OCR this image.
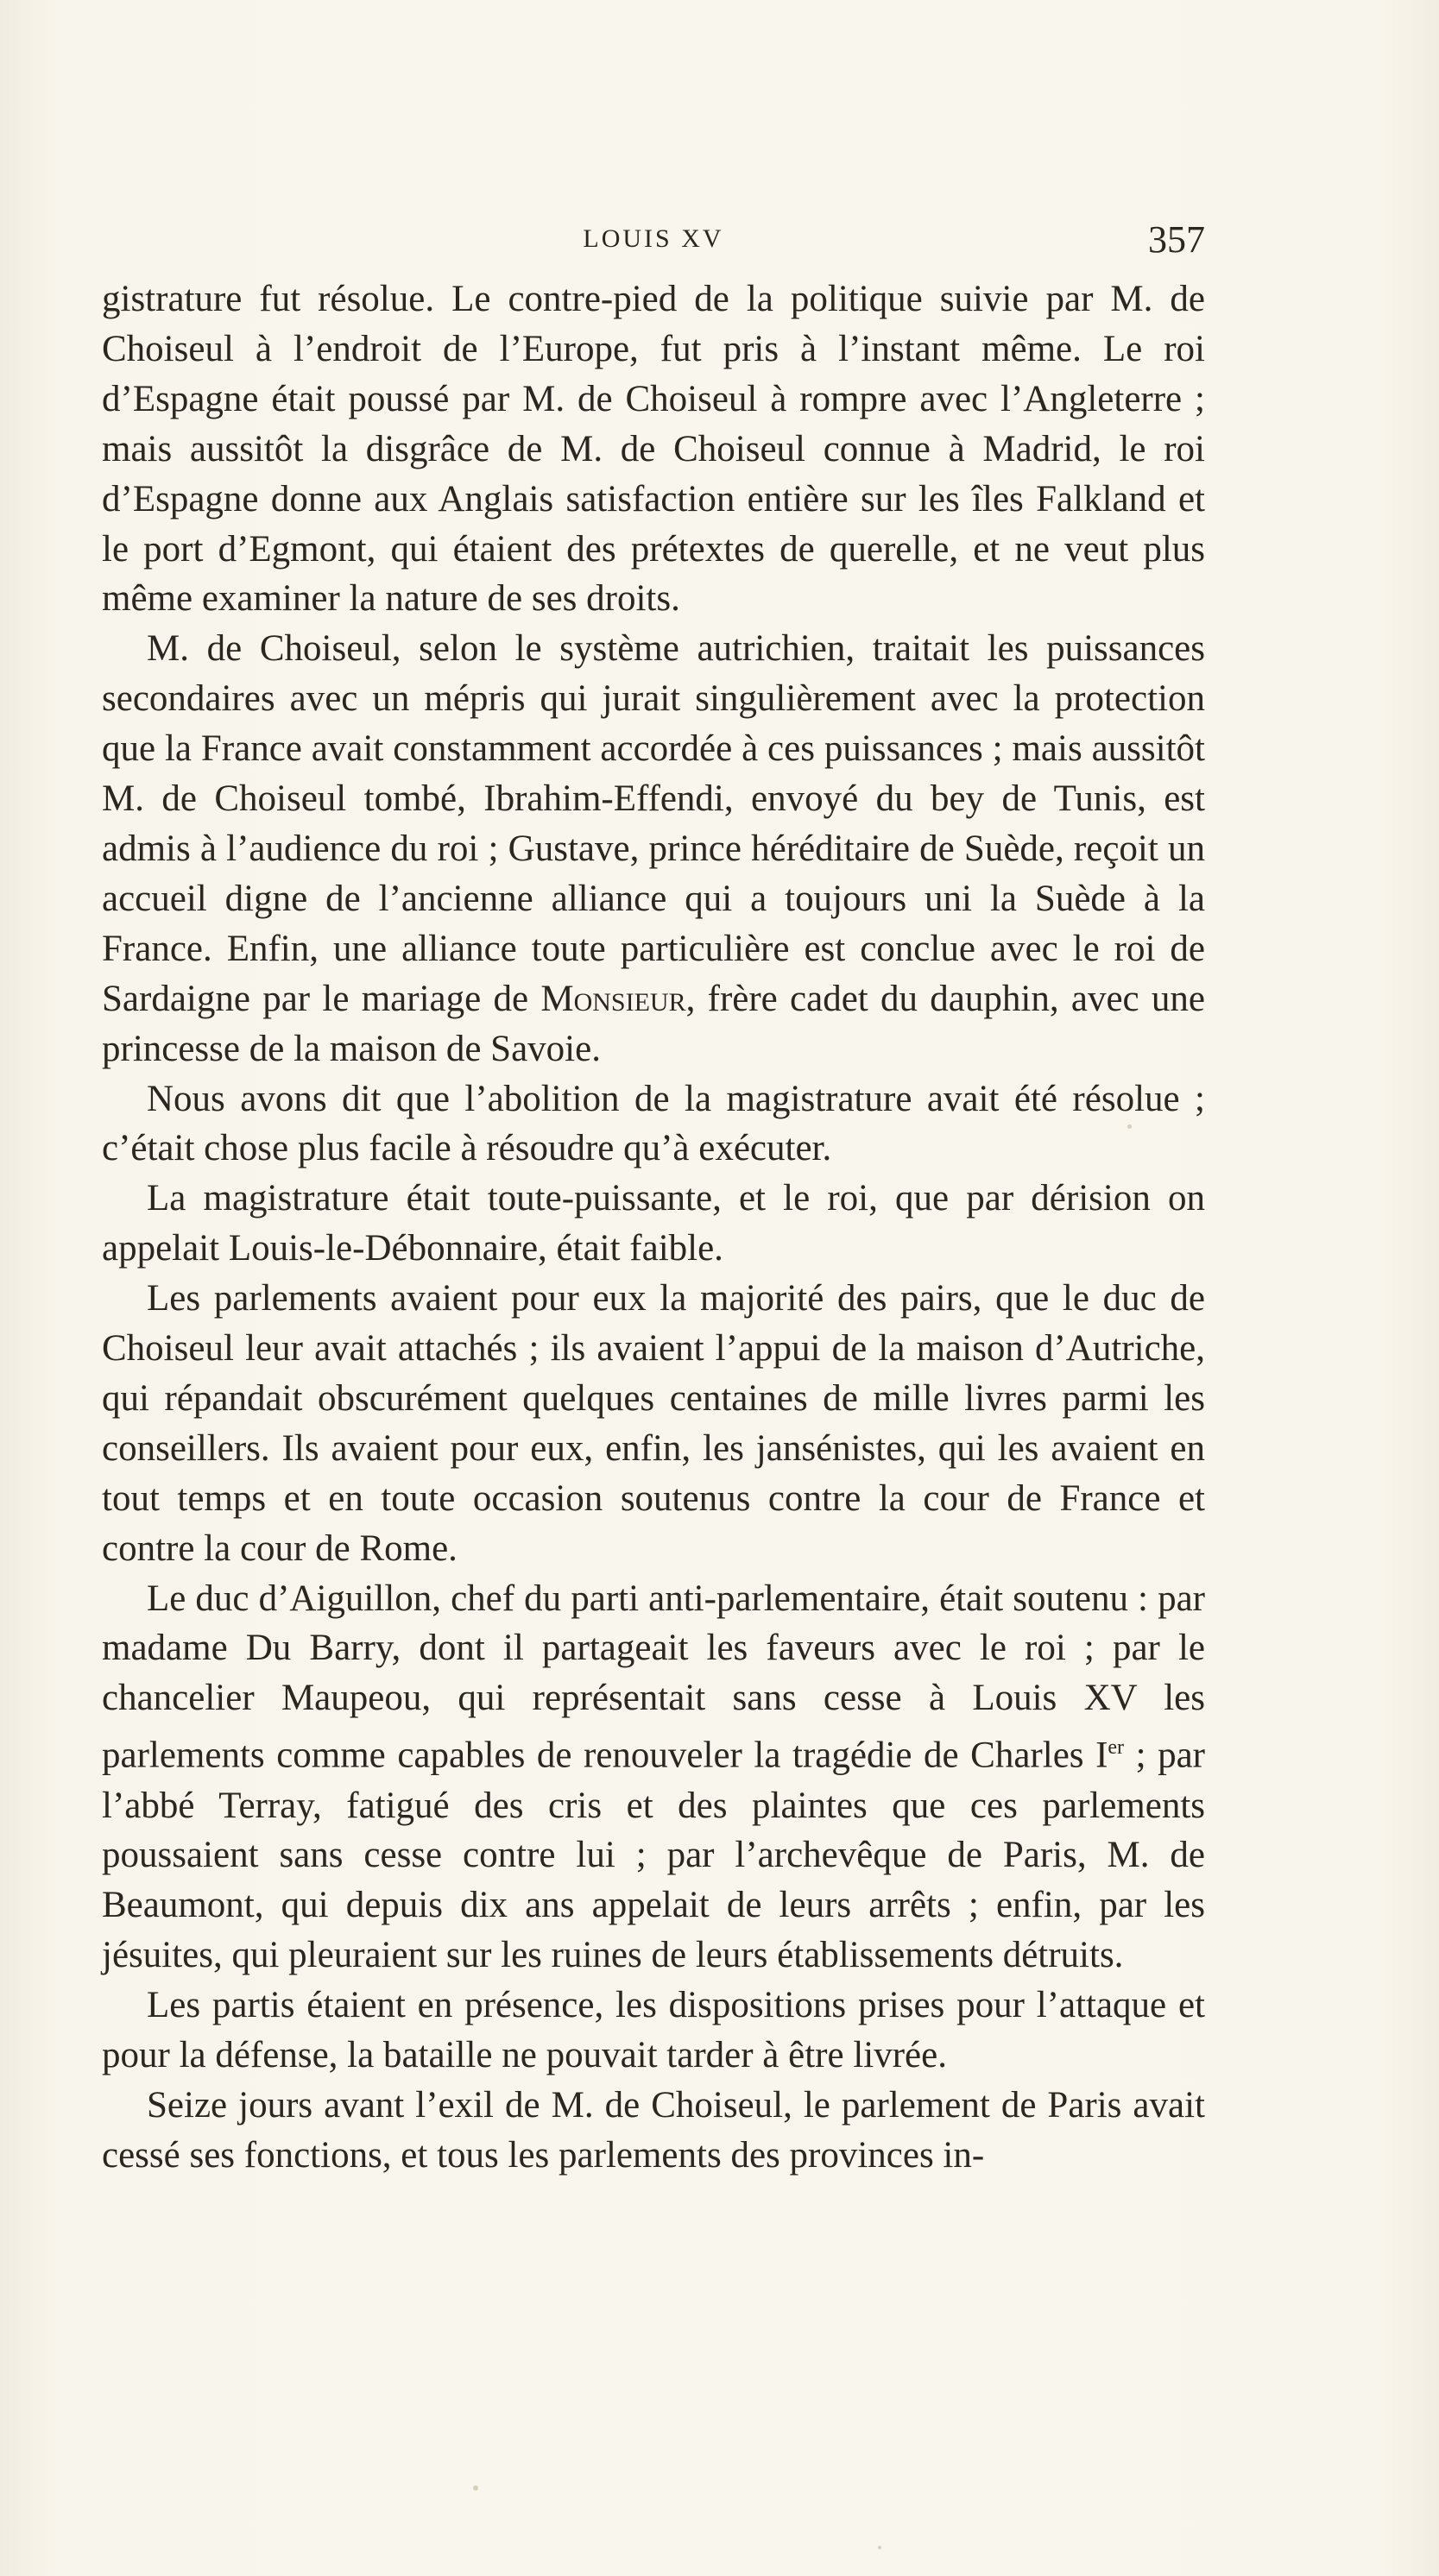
LOUIS XV	357

gistrature fut résolue. Le contre-pied de la politique suivie par M. de Choiseul à l’endroit de l’Europe, fut pris à l’instant même. Le roi d’Espagne était poussé par M. de Choiseul à rompre avec l’Angleterre ; mais aussitôt la disgrâce de M. de Choiseul connue à Madrid, le roi d’Espagne donne aux Anglais satisfaction entière sur les îles Falkland et le port d’Egmont, qui étaient des prétextes de querelle, et ne veut plus même examiner la nature de ses droits.

M. de Choiseul, selon le système autrichien, traitait les puissances secondaires avec un mépris qui jurait singulièrement avec la protection que la France avait constamment accordée à ces puissances ; mais aussitôt M. de Choiseul tombé, Ibrahim-Effendi, envoyé du bey de Tunis, est admis à l’audience du roi ; Gustave, prince héréditaire de Suède, reçoit un accueil digne de l’ancienne alliance qui a toujours uni la Suède à la France. Enfin, une alliance toute particulière est conclue avec le roi de Sardaigne par le mariage de Monsieur, frère cadet du dauphin, avec une princesse de la maison de Savoie.

Nous avons dit que l’abolition de la magistrature avait été résolue ; c’était chose plus facile à résoudre qu’à exécuter.

La magistrature était toute-puissante, et le roi, que par dérision on appelait Louis-le-Débonnaire, était faible.

Les parlements avaient pour eux la majorité des pairs, que le duc de Choiseul leur avait attachés ; ils avaient l’appui de la maison d’Autriche, qui répandait obscurément quelques centaines de mille livres parmi les conseillers. Ils avaient pour eux, enfin, les jansénistes, qui les avaient en tout temps et en toute occasion soutenus contre la cour de France et contre la cour de Rome.

Le duc d’Aiguillon, chef du parti anti-parlementaire, était soutenu : par madame Du Barry, dont il partageait les faveurs avec le roi ; par le chancelier Maupeou, qui représentait sans cesse à Louis XV les parlements comme capables de renouveler la tragédie de Charles Ier ; par l’abbé Terray, fatigué des cris et des plaintes que ces parlements poussaient sans cesse contre lui ; par l’archevêque de Paris, M. de Beaumont, qui depuis dix ans appelait de leurs arrêts ; enfin, par les jésuites, qui pleuraient sur les ruines de leurs établissements détruits.

Les partis étaient en présence, les dispositions prises pour l’attaque et pour la défense, la bataille ne pouvait tarder à être livrée.

Seize jours avant l’exil de M. de Choiseul, le parlement de Paris avait cessé ses fonctions, et tous les parlements des provinces in-
